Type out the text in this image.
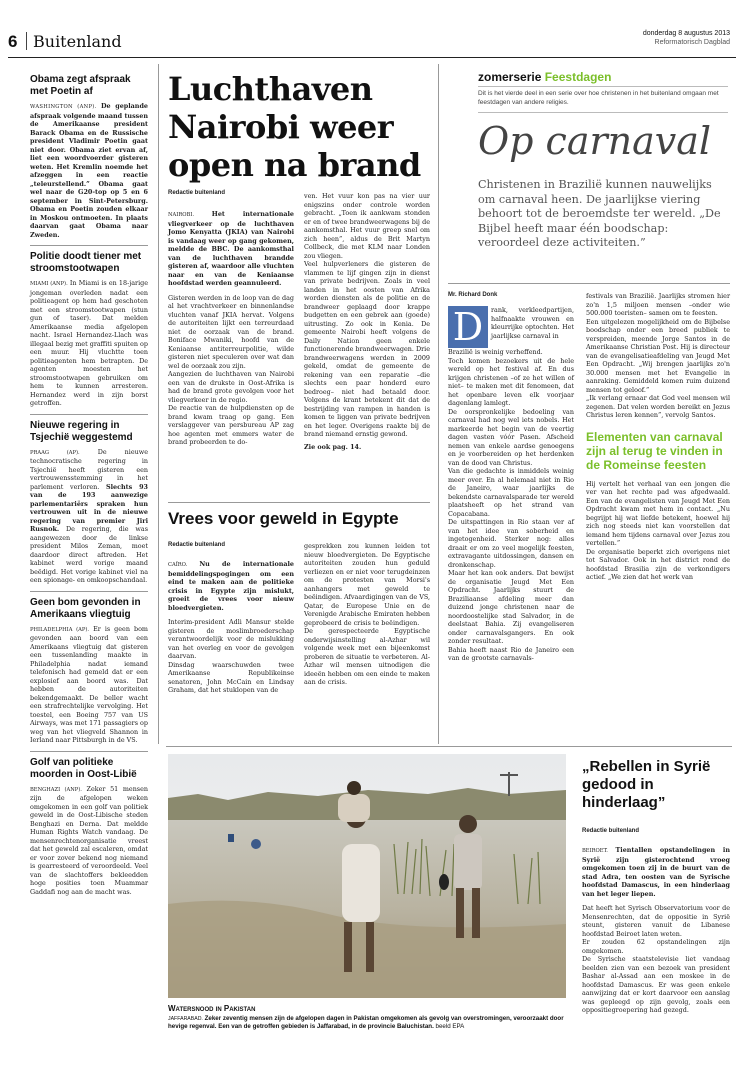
6 Buitenland	donderdag 8 augustus 2013
Reformatorisch Dagblad
Obama zegt afspraak met Poetin af

WASHINGTON (ANP). De geplande afspraak volgende maand tussen de Amerikaanse president Barack Obama en de Russische president Vladimir Poetin gaat niet door. Obama ziet ervan af, liet een woordvoerder gisteren weten. Het Kremlin noemde het afzeggen in een reactie „teleurstellend.” Obama gaat wel naar de G20-top op 5 en 6 september in Sint-Petersburg. Obama en Poetin zouden elkaar in Moskou ontmoeten. In plaats daarvan gaat Obama naar Zweden.

Politie doodt tiener met stroomstootwapen

MIAMI (ANP). In Miami is en 18-jarige jongeman overleden nadat een politieagent op hem had geschoten met een stroomstootwapen (stun gun of taser). Dat melden Amerikaanse media afgelopen nacht. Israel Hernandez-Llach was illegaal bezig met graffiti spuiten op een muur. Hij vluchtte toen politieagenten hem betrapten. De agenten moesten het stroomstootwapen gebruiken om hem te kunnen arresteren. Hernandez werd in zijn borst getroffen.

Nieuwe regering in Tsjechië weggestemd

PRAAG (AP).	De nieuwe technocratische regering in Tsjechië heeft gisteren een vertrouwensstemming in het parlement verloren. Slechts 93 van de 193 aanwezige parlementariërs spraken hun vertrouwen uit in de nieuwe regering van premier Jiri Rusnok. De regering, die was aangewezen door de linkse president Milos Zeman, moet daardoor direct aftreden. Het kabinet werd vorige maand beëdigd. Het vorige kabinet viel na een spionage- en omkoopschandaal.

Geen bom gevonden in Amerikaans vliegtuig

PHILADELPHIA (AP). Er is geen bom gevonden aan boord van een Amerikaans vliegtuig dat gisteren een tussenlanding maakte in Philadelphia nadat iemand telefonisch had gemeld dat er een explosief aan boord was. Dat hebben de autoriteiten bekendgemaakt. De beller wacht een strafrechtelijke vervolging. Het toestel, een Boeing 757 van US Airways, was met 171 passagiers op weg van het vliegveld Shannon in Ierland naar Pittsburgh in de VS.

Golf van politieke moorden in Oost-Libië

BENGHAZI (ANP). Zeker 51 mensen zijn de afgelopen weken omgekomen in een golf van politiek geweld in de Oost-Libische steden Benghazi en Derna. Dat meldde Human Rights Watch vandaag. De mensenrechtenorganisatie vreest dat het geweld zal escaleren, omdat er voor zover bekend nog niemand is gearresteerd of veroordeeld. Veel van de slachtoffers bekleedden hoge posities toen Muammar Gaddafi nog aan de macht was.

Luchthaven Nairobi weer open na brand
Redactie buitenland

NAIROBI.	Het internationale vliegverkeer op de luchthaven Jomo Kenyatta (JKIA) van Nairobi is vandaag weer op gang gekomen, meldde de BBC. De aankomsthal van de luchthaven brandde gisteren af, waardoor alle vluchten naar en van de Keniaanse hoofdstad werden geannuleerd.

Gisteren werden in de loop van de dag al het vrachtverkeer en binnenlandse vluchten vanaf JKIA hervat. Volgens de autoriteiten lijkt een terreurdaad niet de oorzaak van de brand. Boniface Mwaniki, hoofd van de Keniaanse antiterreurpolitie, wilde gisteren niet speculeren over wat dan wel de oorzaak zou zijn.
Aangezien de luchthaven van Nairobi een van de drukste in Oost-Afrika is had de brand grote gevolgen voor het vliegverkeer in de regio.
De reactie van de hulpdiensten op de brand kwam traag op gang. Een verslaggever van persbureau AP zag hoe agenten met emmers water de brand probeerden te do-

ven. Het vuur kon pas na vier uur enigszins onder controle worden gebracht. „Toen ik aankwam stonden er en of twee brandweerwagens bij de aankomsthal. Het vuur greep snel om zich heen”, aldus de Brit Martyn Collbeck, die met KLM naar Londen zou vliegen.
Veel hulpverleners die gisteren de vlammen te lijf gingen zijn in dienst van private bedrijven. Zoals in veel landen in het oosten van Afrika worden diensten als de politie en de brandweer geplaagd door krappe budgetten en een gebrek aan (goede) uitrusting. Zo ook in Kenia. De gemeente Nairobi heeft volgens de Daily Nation geen enkele functionerende brandweerwagen. Drie brandweerwagens werden in 2009 gekeld, omdat de gemeente de rekening van een reparatie –die slechts een paar honderd euro bedroeg– niet had betaald door. Volgens de krant betekent dit dat de bestrijding van rampen in handen is komen te liggen van private bedrijven en het leger. Overigens raakte bij de brand niemand ernstig gewond.

Zie ook pag. 14.

Vrees voor geweld in Egypte
Redactie buitenland

CAÏRO. Nu de internationale bemiddelingspogingen om een eind te maken aan de politieke crisis in Egypte zijn mislukt, groeit de vrees voor nieuw bloedvergieten.

Interim-president Adli Mansur stelde gisteren de moslimbroederschap verantwoordelijk voor de mislukking van het overleg en voor de gevolgen daarvan.
Dinsdag waarschuwden twee Amerikaanse Republikeinse senatoren, John McCain en Lindsay Graham, dat het stuklopen van de

gesprekken zou kunnen leiden tot nieuw bloedvergieten. De Egyptische autoriteiten zouden hun geduld verliezen en er niet voor terugdeinzen om de protesten van Morsi's aanhangers met geweld te beëindigen. Afvaardigingen van de VS, Qatar, de Europese Unie en de Verenigde Arabische Emiraten hebben geprobeerd de crisis te beëindigen.
De gerespecteerde Egyptische onderwijsinstelling al-Azhar wil volgende week met een bijeenkomst proberen de situatie te verbeteren. Al-Azhar wil mensen uitnodigen die ideeën hebben om een einde te maken aan de crisis.

zomerserie Feestdagen
Dit is het vierde deel in een serie over hoe christenen in het buitenland omgaan met feestdagen van andere religies.
Op carnaval
Christenen in Brazilië kunnen nauwelijks om carnaval heen. De jaarlijkse viering behoort tot de beroemdste ter wereld. „De Bijbel heeft maar één boodschap: veroordeel deze activiteiten.”
Mr. Richard Donk
D	rank, verkleedpartijen, halfnaakte vrouwen en kleurrijke optochten. Het jaarlijkse carnaval in

Brazilië is weinig verheffend.
Toch komen bezoekers uit de hele wereld op het festival af. En dus krijgen christenen –of ze het willen of niet– te maken met dit fenomeen, dat het openbare leven elk voorjaar dagenlang lamlegt.
De oorspronkelijke bedoeling van carnaval had nog wel iets nobels. Het markeerde het begin van de veertig dagen vasten vóór Pasen. Afscheid nemen van enkele aardse genoegens en je voorbereiden op het herdenken van de dood van Christus.
Van die gedachte is inmiddels weinig meer over. En al helemaal niet in Rio de Janeiro, waar jaarlijks de bekendste carnavalsparade ter wereld plaatsheeft op het strand van Copacabana.
De uitspattingen in Rio staan ver af van het idee van soberheid en ingetogenheid. Sterker nog: alles draait er om zo veel mogelijk feesten, extravagante uitdossingen, dansen en dronkenschap.
Maar het kan ook anders. Dat bewijst de organisatie Jeugd Met Een Opdracht. Jaarlijks stuurt de Braziliaanse afdeling meer dan duizend jonge christenen naar de noordoostelijke stad Salvador, in de deelstaat Bahia. Zij evangeliseren onder carnavalsgangers. En ook zonder resultaat.
Bahia heeft naast Rio de Janeiro een van de grootste carnavals-

festivals van Brazilië. Jaarlijks stromen hier zo'n 1,5 miljoen mensen –onder wie 500.000 toeristen– samen om te feesten.
Een uitgelezen mogelijkheid om de Bijbelse boodschap onder een breed publiek te verspreiden, meende Jorge Santos in de Amerikaanse Christian Post. Hij is directeur van de evangelisatieafdeling van Jeugd Met Een Opdracht. „Wij brengen jaarlijks zo'n 30.000 mensen met het Evangelie in aanraking. Gemiddeld komen ruim duizend mensen tot geloof.”
„Ik verlang ernaar dat God veel mensen wil zegenen. Dat velen worden bereikt en Jezus Christus leren kennen”, vervolg Santos.

Elementen van carnaval zijn al terug te vinden in de Romeinse feesten

Hij vertelt het verhaal van een jongen die ver van het rechte pad was afgedwaald. Een van de evangelisten van Jeugd Met Een Opdracht kwam met hem in contact. „Nu begrijpt hij wat liefde betekent, hoewel hij zich nog steeds niet kan voorstellen dat iemand hem tijdens carnaval over Jezus zou vertellen.”
De organisatie beperkt zich overigens niet tot Salvador. Ook in het district rond de hoofdstad Brasilia zijn de verkondigers actief. „We zien dat het werk van

Watersnood in Pakistan

JAFFARABAD. Zeker zeventig mensen zijn de afgelopen dagen in Pakistan omgekomen als gevolg van overstromingen, veroorzaakt door hevige regenval. Een van de getroffen gebieden is Jaffarabad, in de provincie Baluchistan. beeld EPA

„Rebellen in Syrië gedood in hinderlaag”
Redactie buitenland

BEIROET. Tientallen opstandelingen in Syrië zijn gisterochtend vroeg omgekomen toen zij in de buurt van de stad Adra, ten oosten van de Syrische hoofdstad Damascus, in een hinderlaag van het leger liepen.

Dat heeft het Syrisch Observatorium voor de Mensenrechten, dat de oppositie in Syrië steunt, gisteren vanuit de Libanese hoofdstad Beiroet laten weten.
Er zouden 62 opstandelingen zijn omgekomen.
De Syrische staatstelevisie liet vandaag beelden zien van een bezoek van president Bashar al-Assad aan een moskee in de hoofdstad Damascus. Er was geen enkele aanwijzing dat er kort daarvoor een aanslag was gepleegd op zijn gevolg, zoals een oppositiegroepering had gezegd.
